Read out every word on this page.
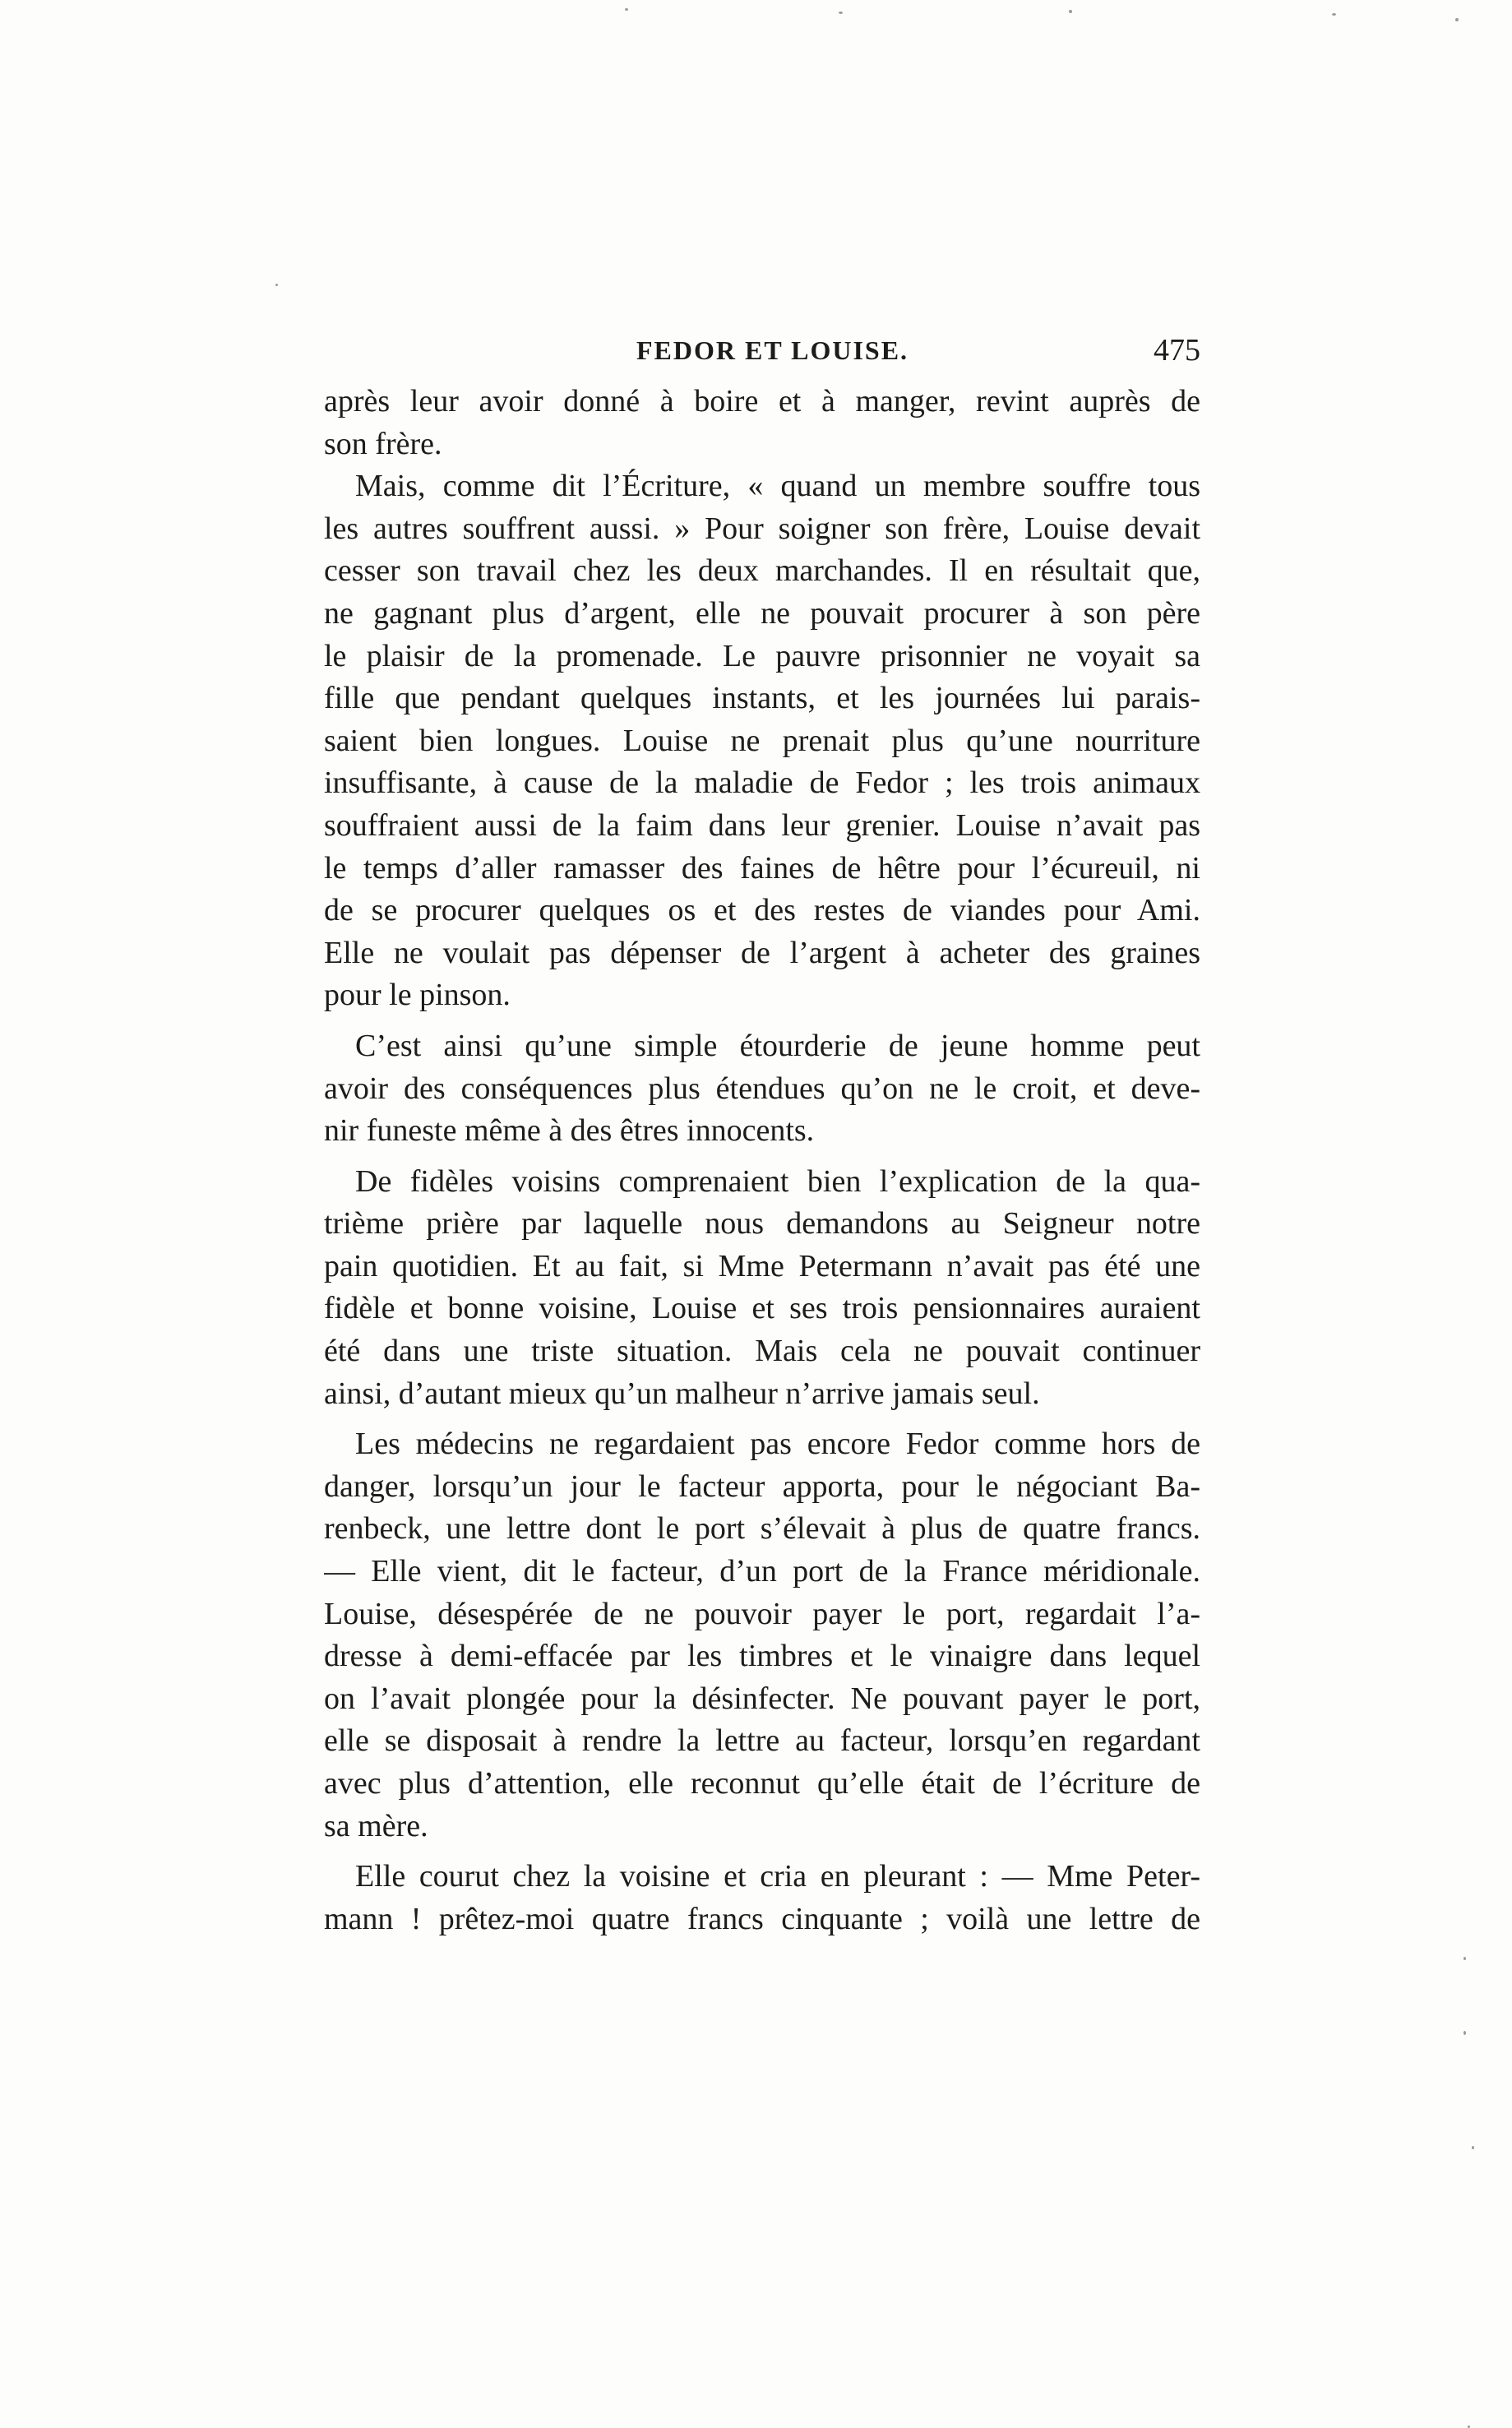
FEDOR ET LOUISE.	475
après leur avoir donné à boire et à manger, revint auprès de
son frère.
Mais, comme dit l’Écriture, « quand un membre souffre tous
les autres souffrent aussi. » Pour soigner son frère, Louise devait
cesser son travail chez les deux marchandes. Il en résultait que,
ne gagnant plus d’argent, elle ne pouvait procurer à son père
le plaisir de la promenade. Le pauvre prisonnier ne voyait sa
fille que pendant quelques instants, et les journées lui parais-
saient bien longues. Louise ne prenait plus qu’une nourriture
insuffisante, à cause de la maladie de Fedor ; les trois animaux
souffraient aussi de la faim dans leur grenier. Louise n’avait pas
le temps d’aller ramasser des faines de hêtre pour l’écureuil, ni
de se procurer quelques os et des restes de viandes pour Ami.
Elle ne voulait pas dépenser de l’argent à acheter des graines
pour le pinson.
C’est ainsi qu’une simple étourderie de jeune homme peut
avoir des conséquences plus étendues qu’on ne le croit, et deve-
nir funeste même à des êtres innocents.
De fidèles voisins comprenaient bien l’explication de la qua-
trième prière par laquelle nous demandons au Seigneur notre
pain quotidien. Et au fait, si Mme Petermann n’avait pas été une
fidèle et bonne voisine, Louise et ses trois pensionnaires auraient
été dans une triste situation. Mais cela ne pouvait continuer
ainsi, d’autant mieux qu’un malheur n’arrive jamais seul.
Les médecins ne regardaient pas encore Fedor comme hors de
danger, lorsqu’un jour le facteur apporta, pour le négociant Ba-
renbeck, une lettre dont le port s’élevait à plus de quatre francs.
— Elle vient, dit le facteur, d’un port de la France méridionale.
Louise, désespérée de ne pouvoir payer le port, regardait l’a-
dresse à demi-effacée par les timbres et le vinaigre dans lequel
on l’avait plongée pour la désinfecter. Ne pouvant payer le port,
elle se disposait à rendre la lettre au facteur, lorsqu’en regardant
avec plus d’attention, elle reconnut qu’elle était de l’écriture de
sa mère.
Elle courut chez la voisine et cria en pleurant : — Mme Peter-
mann ! prêtez-moi quatre francs cinquante ; voilà une lettre de
